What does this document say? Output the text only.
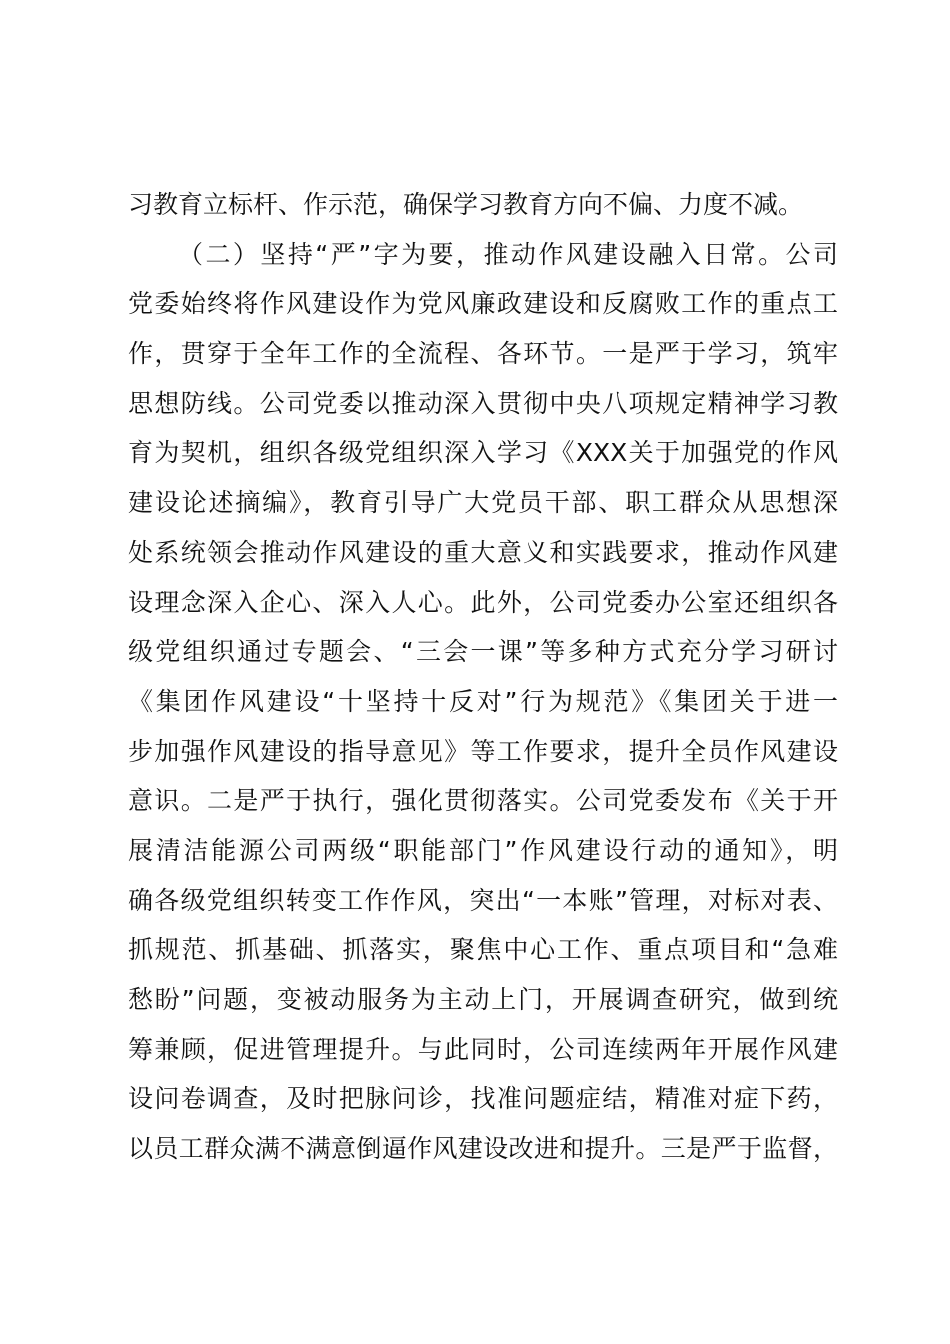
习教育立标杆、作示范，确保学习教育方向不偏、力度不减。
（二）坚持“严”字为要，推动作风建设融入日常。公司
党委始终将作风建设作为党风廉政建设和反腐败工作的重点工
作，贯穿于全年工作的全流程、各环节。一是严于学习，筑牢
思想防线。公司党委以推动深入贯彻中央八项规定精神学习教
育为契机，组织各级党组织深入学习《XXX关于加强党的作风
建设论述摘编》，教育引导广大党员干部、职工群众从思想深
处系统领会推动作风建设的重大意义和实践要求，推动作风建
设理念深入企心、深入人心。此外，公司党委办公室还组织各
级党组织通过专题会、“三会一课”等多种方式充分学习研讨
《集团作风建设“十坚持十反对”行为规范》《集团关于进一
步加强作风建设的指导意见》等工作要求，提升全员作风建设
意识。二是严于执行，强化贯彻落实。公司党委发布《关于开
展清洁能源公司两级“职能部门”作风建设行动的通知》，明
确各级党组织转变工作作风，突出“一本账”管理，对标对表、
抓规范、抓基础、抓落实，聚焦中心工作、重点项目和“急难
愁盼”问题，变被动服务为主动上门，开展调查研究，做到统
筹兼顾，促进管理提升。与此同时，公司连续两年开展作风建
设问卷调查，及时把脉问诊，找准问题症结，精准对症下药，
以员工群众满不满意倒逼作风建设改进和提升。三是严于监督，
